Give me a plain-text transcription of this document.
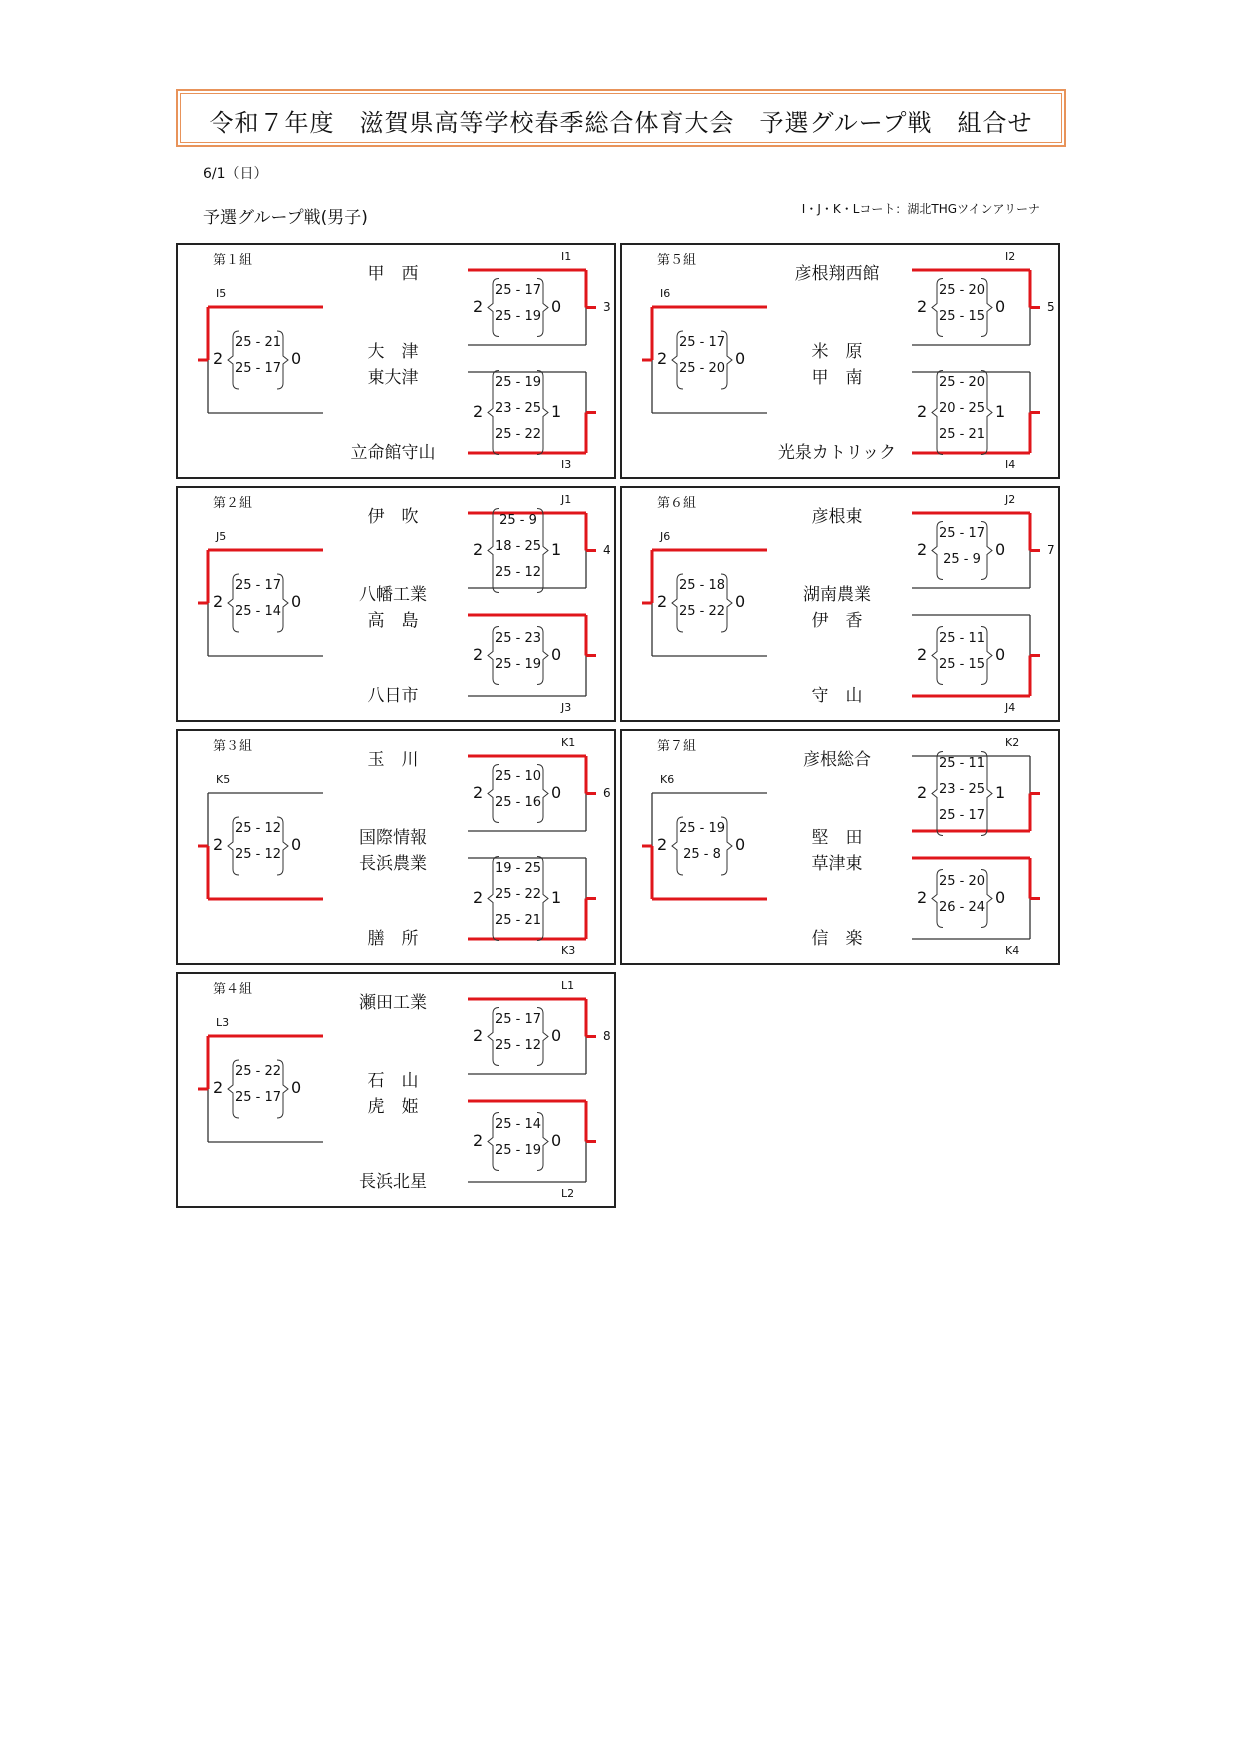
令和７年度　滋賀県高等学校春季総合体育大会　予選グループ戦　組合せ
6/1（日）
予選グループ戦(男子)	I・J・K・Lコート：湖北THGツインアリーナ
第１組
甲　西
大　津
東大津
立命館守山
25 - 17
25 - 19
2	0
I1
3
25 - 19
23 - 25
25 - 22
2	1
I3
25 - 21
25 - 17
2	0
I5
第２組
伊　吹
八幡工業
高　島
八日市
25 - 9
18 - 25
25 - 12
2	1
J1
4
25 - 23
25 - 19
2	0
J3
25 - 17
25 - 14
2	0
J5
第３組
玉　川
国際情報
長浜農業
膳　所
25 - 10
25 - 16
2	0
K1
6
19 - 25
25 - 22
25 - 21
2	1
K3
25 - 12
25 - 12
2	0
K5
第４組
瀬田工業
石　山
虎　姫
長浜北星
25 - 17
25 - 12
2	0
L1
8
25 - 14
25 - 19
2	0
L2
25 - 22
25 - 17
2	0
L3
第５組
彦根翔西館
米　原
甲　南
光泉カトリック
25 - 20
25 - 15
2	0
I2
5
25 - 20
20 - 25
25 - 21
2	1
I4
25 - 17
25 - 20
2	0
I6
第６組
彦根東
湖南農業
伊　香
守　山
25 - 17
25 - 9
2	0
J2
7
25 - 11
25 - 15
2	0
J4
25 - 18
25 - 22
2	0
J6
第７組
彦根総合
堅　田
草津東
信　楽
25 - 11
23 - 25
25 - 17
2	1
K2
25 - 20
26 - 24
2	0
K4
25 - 19
25 - 8
2	0
K6
